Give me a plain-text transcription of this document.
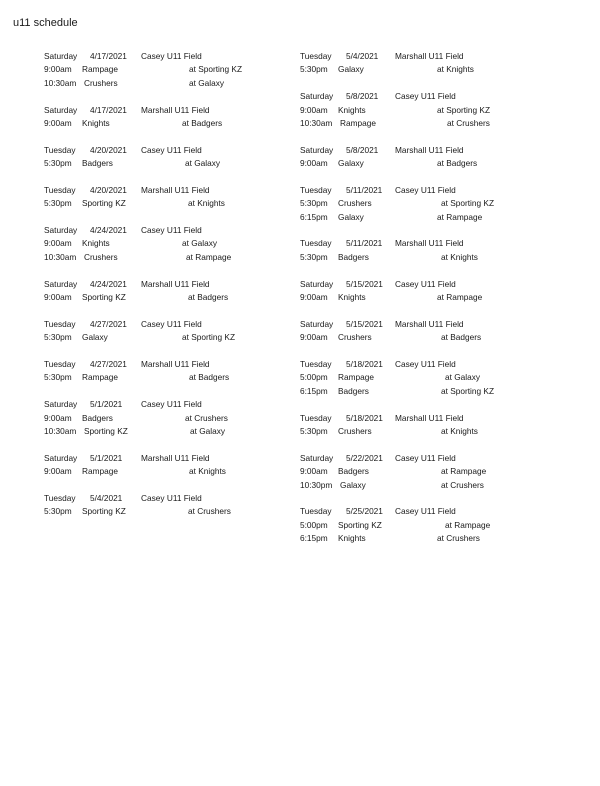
u11 schedule
Saturday 4/17/2021 Casey U11 Field
9:00am Rampage	at Sporting KZ
10:30am Crushers	at Galaxy
Saturday 4/17/2021 Marshall U11 Field
9:00am Knights	at Badgers
Tuesday 4/20/2021 Casey U11 Field
5:30pm Badgers	at Galaxy
Tuesday 4/20/2021 Marshall U11 Field
5:30pm Sporting KZ	at Knights
Saturday 4/24/2021 Casey U11 Field
9:00am Knights	at Galaxy
10:30am Crushers	at Rampage
Saturday 4/24/2021 Marshall U11 Field
9:00am Sporting KZ	at Badgers
Tuesday 4/27/2021 Casey U11 Field
5:30pm Galaxy	at Sporting KZ
Tuesday 4/27/2021 Marshall U11 Field
5:30pm Rampage	at Badgers
Saturday 5/1/2021 Casey U11 Field
9:00am Badgers	at Crushers
10:30am Sporting KZ	at Galaxy
Saturday 5/1/2021 Marshall U11 Field
9:00am Rampage	at Knights
Tuesday 5/4/2021 Casey U11 Field
5:30pm Sporting KZ	at Crushers
Tuesday 5/4/2021 Marshall U11 Field
5:30pm Galaxy	at Knights
Saturday 5/8/2021 Casey U11 Field
9:00am Knights	at Sporting KZ
10:30am Rampage	at Crushers
Saturday 5/8/2021 Marshall U11 Field
9:00am Galaxy	at Badgers
Tuesday 5/11/2021 Casey U11 Field
5:30pm Crushers	at Sporting KZ
6:15pm Galaxy	at Rampage
Tuesday 5/11/2021 Marshall U11 Field
5:30pm Badgers	at Knights
Saturday 5/15/2021 Casey U11 Field
9:00am Knights	at Rampage
Saturday 5/15/2021 Marshall U11 Field
9:00am Crushers	at Badgers
Tuesday 5/18/2021 Casey U11 Field
5:00pm Rampage	at Galaxy
6:15pm Badgers	at Sporting KZ
Tuesday 5/18/2021 Marshall U11 Field
5:30pm Crushers	at Knights
Saturday 5/22/2021 Casey U11 Field
9:00am Badgers	at Rampage
10:30pm Galaxy	at Crushers
Tuesday 5/25/2021 Casey U11 Field
5:00pm Sporting KZ	at Rampage
6:15pm Knights	at Crushers
